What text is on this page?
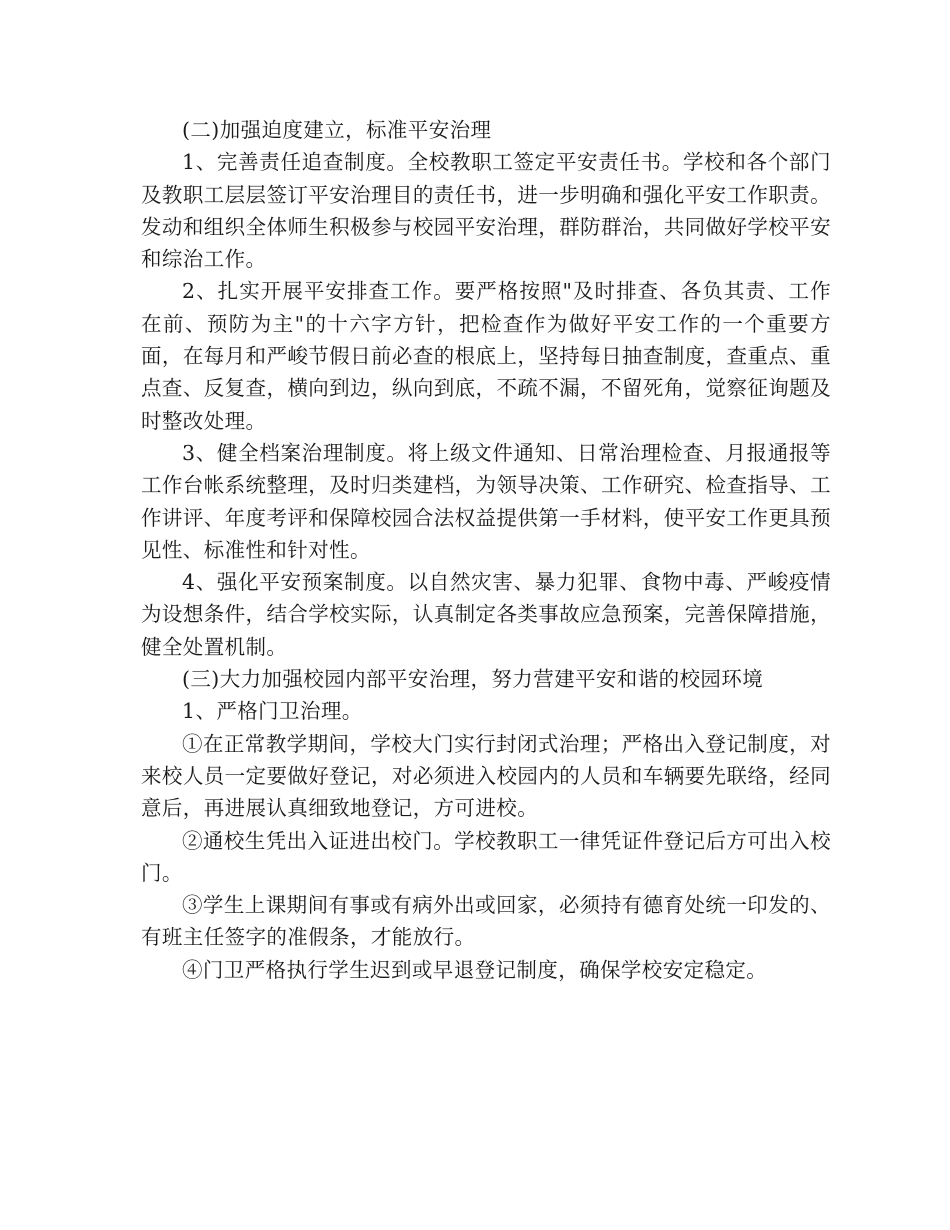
(二)加强迫度建立，标准平安治理

1、完善责任追查制度。全校教职工签定平安责任书。学校和各个部门及教职工层层签订平安治理目的责任书，进一步明确和强化平安工作职责。发动和组织全体师生积极参与校园平安治理，群防群治，共同做好学校平安和综治工作。

2、扎实开展平安排查工作。要严格按照"及时排查、各负其责、工作在前、预防为主"的十六字方针，把检查作为做好平安工作的一个重要方面，在每月和严峻节假日前必查的根底上，坚持每日抽查制度，查重点、重点查、反复查，横向到边，纵向到底，不疏不漏，不留死角，觉察征询题及时整改处理。

3、健全档案治理制度。将上级文件通知、日常治理检查、月报通报等工作台帐系统整理，及时归类建档，为领导决策、工作研究、检查指导、工作讲评、年度考评和保障校园合法权益提供第一手材料，使平安工作更具预见性、标准性和针对性。

4、强化平安预案制度。以自然灾害、暴力犯罪、食物中毒、严峻疫情为设想条件，结合学校实际，认真制定各类事故应急预案，完善保障措施，健全处置机制。

(三)大力加强校园内部平安治理，努力营建平安和谐的校园环境

1、严格门卫治理。

①在正常教学期间，学校大门实行封闭式治理；严格出入登记制度，对来校人员一定要做好登记，对必须进入校园内的人员和车辆要先联络，经同意后，再进展认真细致地登记，方可进校。

②通校生凭出入证进出校门。学校教职工一律凭证件登记后方可出入校门。

③学生上课期间有事或有病外出或回家，必须持有德育处统一印发的、有班主任签字的准假条，才能放行。

④门卫严格执行学生迟到或早退登记制度，确保学校安定稳定。
